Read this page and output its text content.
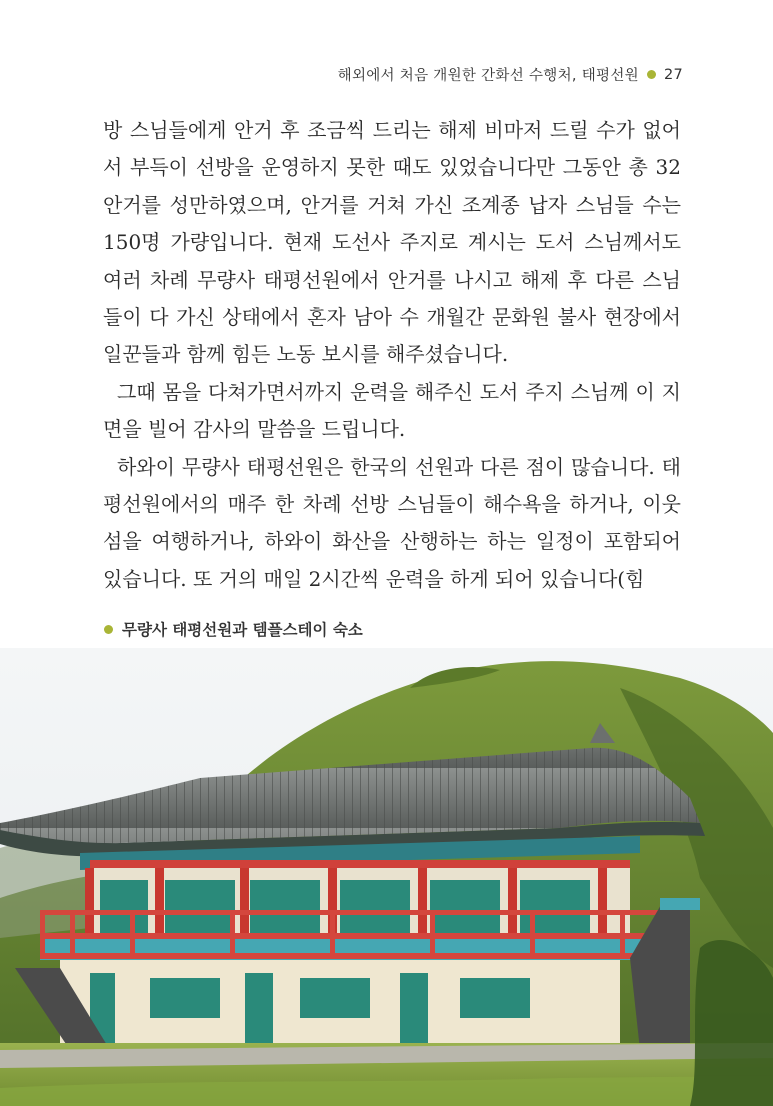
해외에서 처음 개원한 간화선 수행처, 태평선원 27

방 스님들에게 안거 후 조금씩 드리는 해제 비마저 드릴 수가 없어서 부득이 선방을 운영하지 못한 때도 있었습니다만 그동안 총 32안거를 성만하였으며, 안거를 거쳐 가신 조계종 납자 스님들 수는 150명 가량입니다. 현재 도선사 주지로 계시는 도서 스님께서도 여러 차례 무량사 태평선원에서 안거를 나시고 해제 후 다른 스님들이 다 가신 상태에서 혼자 남아 수 개월간 문화원 불사 현장에서 일꾼들과 함께 힘든 노동 보시를 해주셨습니다.

그때 몸을 다쳐가면서까지 운력을 해주신 도서 주지 스님께 이 지면을 빌어 감사의 말씀을 드립니다.

하와이 무량사 태평선원은 한국의 선원과 다른 점이 많습니다. 태평선원에서의 매주 한 차례 선방 스님들이 해수욕을 하거나, 이웃섬을 여행하거나, 하와이 화산을 산행하는 하는 일정이 포함되어 있습니다. 또 거의 매일 2시간씩 운력을 하게 되어 있습니다(힘

무량사 태평선원과 템플스테이 숙소
